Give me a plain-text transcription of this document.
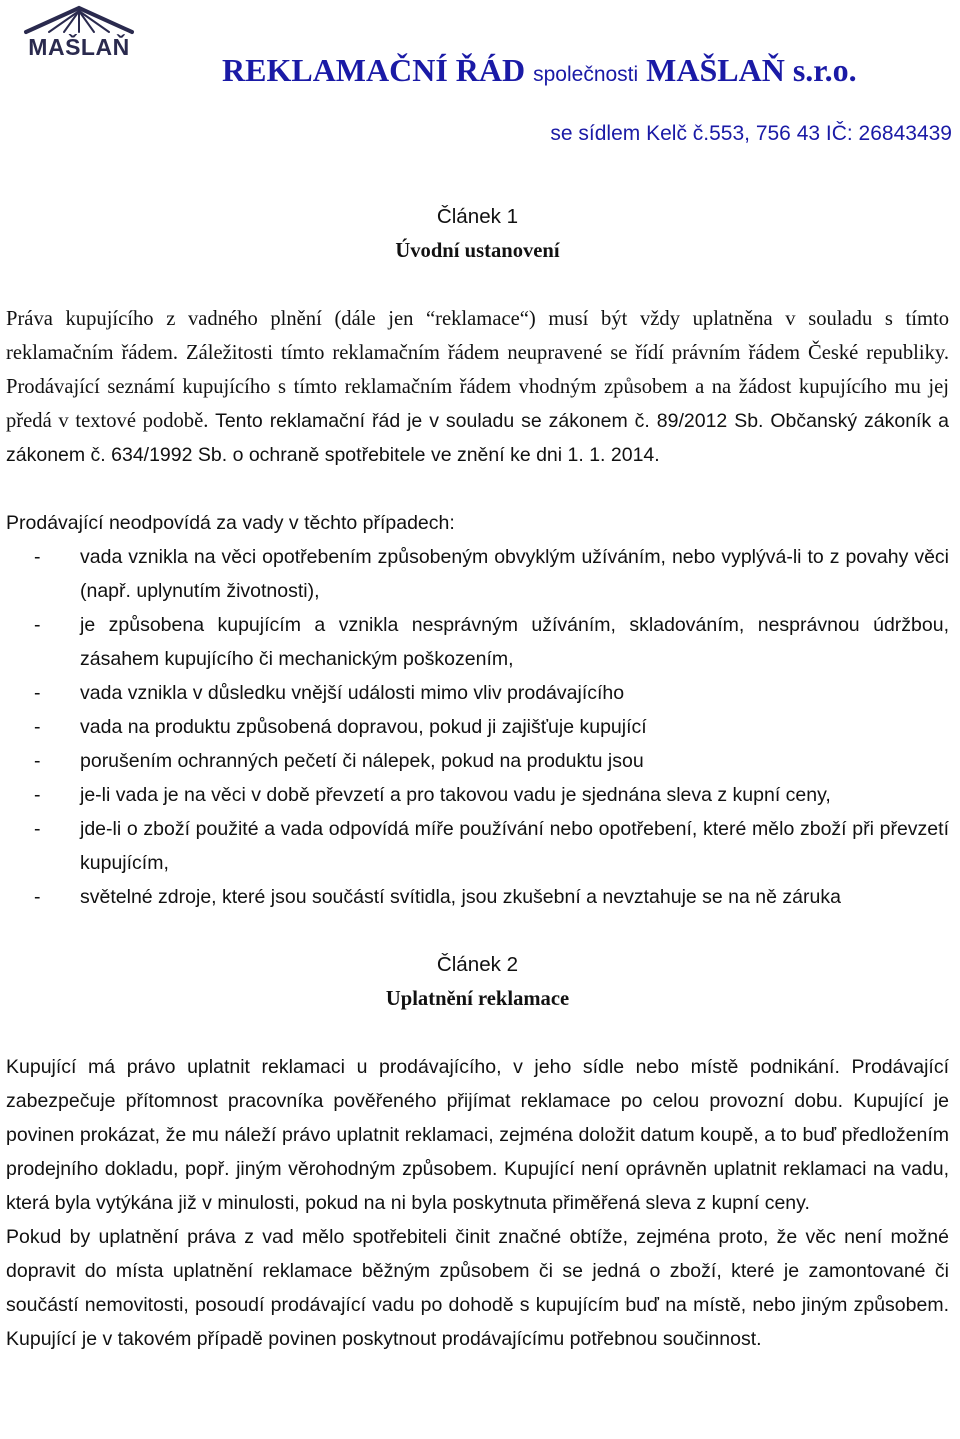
MAŠLAŇ
REKLAMAČNÍ ŘÁD společnosti MAŠLAŇ s.r.o.
se sídlem Kelč č.553, 756 43 IČ: 26843439
Článek 1
Úvodní ustanovení

Práva kupujícího z vadného plnění (dále jen “reklamace“) musí být vždy uplatněna v souladu s tímto reklamačním řádem. Záležitosti tímto reklamačním řádem neupravené se řídí právním řádem České republiky. Prodávající seznámí kupujícího s tímto reklamačním řádem vhodným způsobem a na žádost kupujícího mu jej předá v textové podobě. Tento reklamační řád je v souladu se zákonem č. 89/2012 Sb. Občanský zákoník a zákonem č. 634/1992 Sb. o ochraně spotřebitele ve znění ke dni 1. 1. 2014.

Prodávající neodpovídá za vady v těchto případech:

- vada vznikla na věci opotřebením způsobeným obvyklým užíváním, nebo vyplývá-li to z povahy věci (např. uplynutím životnosti),
- je způsobena kupujícím a vznikla nesprávným užíváním, skladováním, nesprávnou údržbou, zásahem kupujícího či mechanickým poškozením,
- vada vznikla v důsledku vnější události mimo vliv prodávajícího
- vada na produktu způsobená dopravou, pokud ji zajišťuje kupující
- porušením ochranných pečetí či nálepek, pokud na produktu jsou
- je-li vada je na věci v době převzetí a pro takovou vadu je sjednána sleva z kupní ceny,
- jde-li o zboží použité a vada odpovídá míře používání nebo opotřebení, které mělo zboží při převzetí kupujícím,
- světelné zdroje, které jsou součástí svítidla, jsou zkušební a nevztahuje se na ně záruka
Článek 2
Uplatnění reklamace

Kupující má právo uplatnit reklamaci u prodávajícího, v jeho sídle nebo místě podnikání. Prodávající zabezpečuje přítomnost pracovníka pověřeného přijímat reklamace po celou provozní dobu. Kupující je povinen prokázat, že mu náleží právo uplatnit reklamaci, zejména doložit datum koupě, a to buď předložením prodejního dokladu, popř. jiným věrohodným způsobem. Kupující není oprávněn uplatnit reklamaci na vadu, která byla vytýkána již v minulosti, pokud na ni byla poskytnuta přiměřená sleva z kupní ceny.

Pokud by uplatnění práva z vad mělo spotřebiteli činit značné obtíže, zejména proto, že věc není možné dopravit do místa uplatnění reklamace běžným způsobem či se jedná o zboží, které je zamontované či součástí nemovitosti, posoudí prodávající vadu po dohodě s kupujícím buď na místě, nebo jiným způsobem. Kupující je v takovém případě povinen poskytnout prodávajícímu potřebnou součinnost.
